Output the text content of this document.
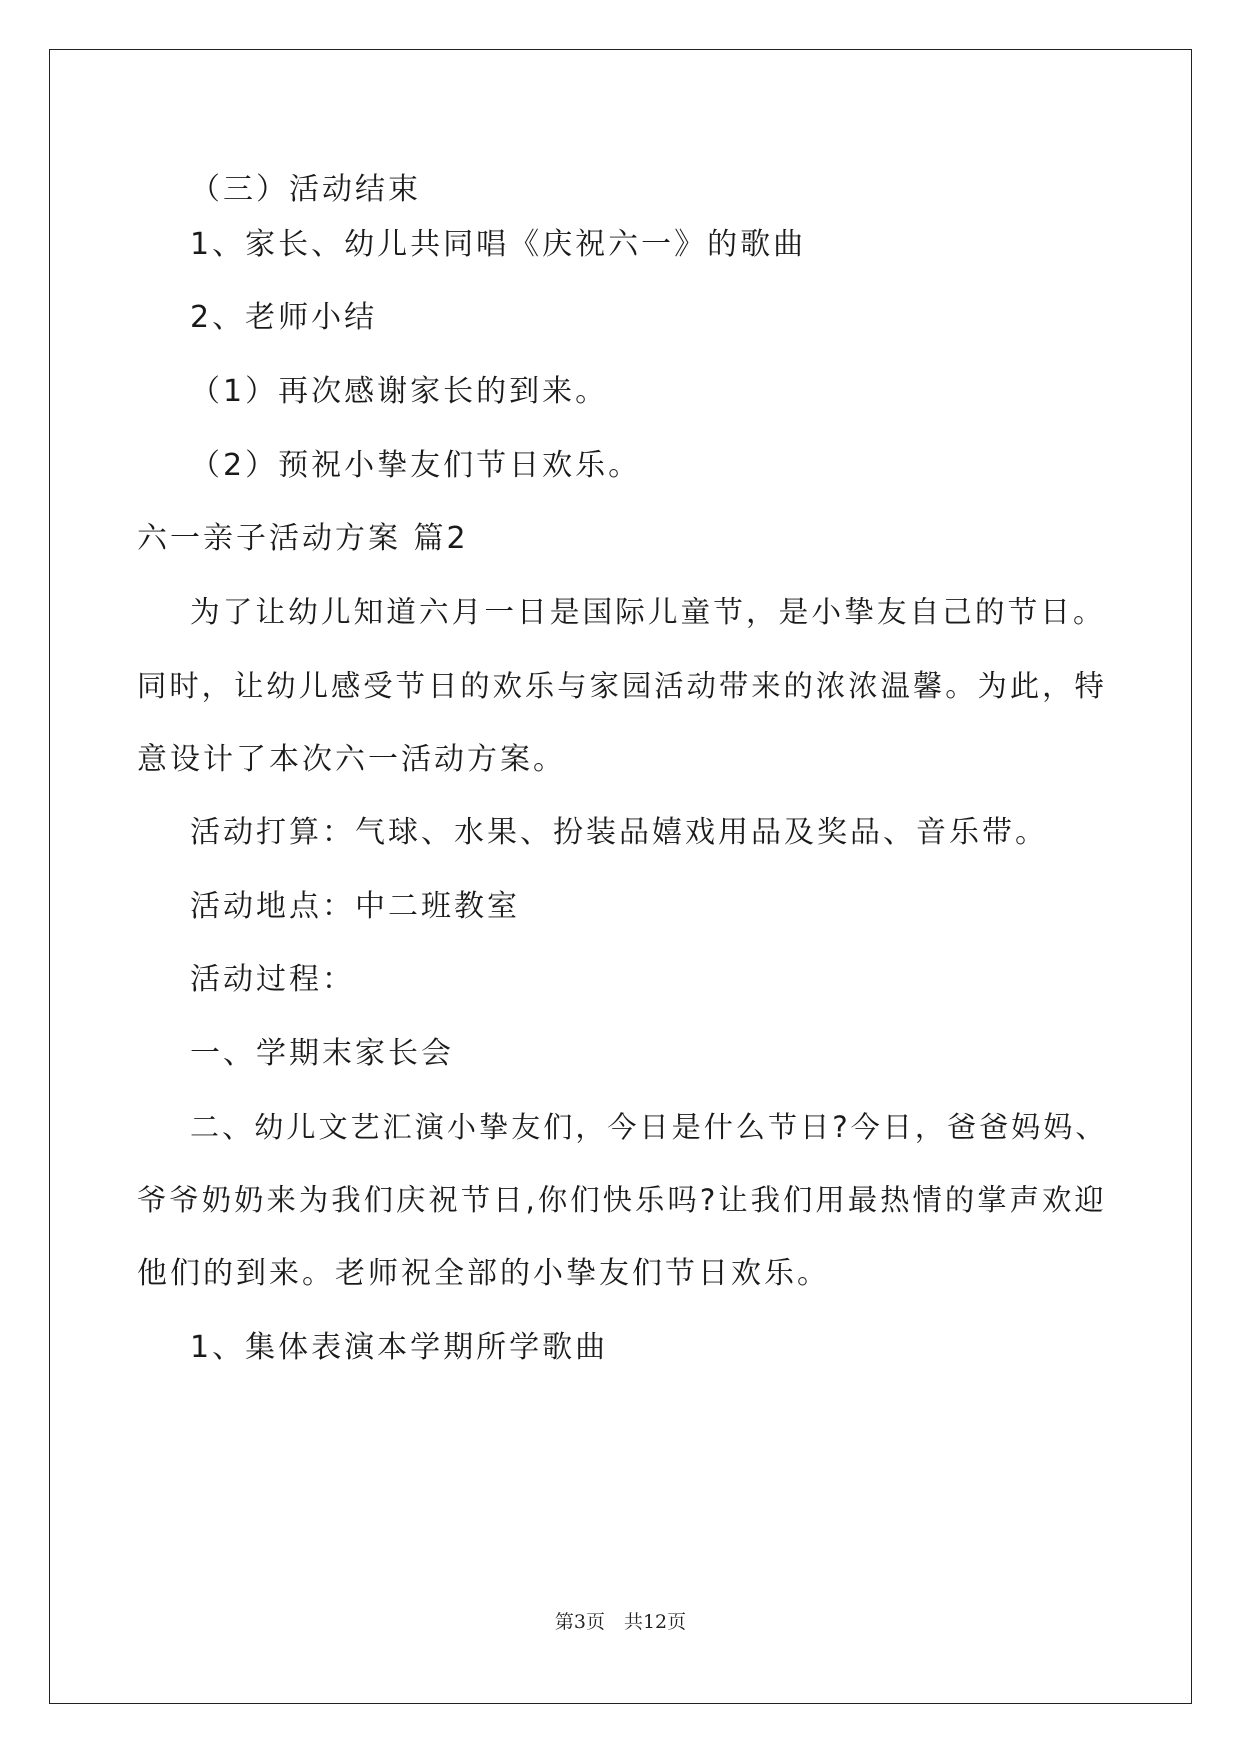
（三）活动结束

1、家长、幼儿共同唱《庆祝六一》的歌曲

2、老师小结

（1）再次感谢家长的到来。

（2）预祝小挚友们节日欢乐。

六一亲子活动方案 篇2

为了让幼儿知道六月一日是国际儿童节，是小挚友自己的节日。

同时，让幼儿感受节日的欢乐与家园活动带来的浓浓温馨。为此，特

意设计了本次六一活动方案。

活动打算：气球、水果、扮装品嬉戏用品及奖品、音乐带。

活动地点：中二班教室

活动过程：

一、学期末家长会

二、幼儿文艺汇演小挚友们，今日是什么节日?今日，爸爸妈妈、

爷爷奶奶来为我们庆祝节日,你们快乐吗?让我们用最热情的掌声欢迎

他们的到来。老师祝全部的小挚友们节日欢乐。

1、集体表演本学期所学歌曲

第3页　共12页
